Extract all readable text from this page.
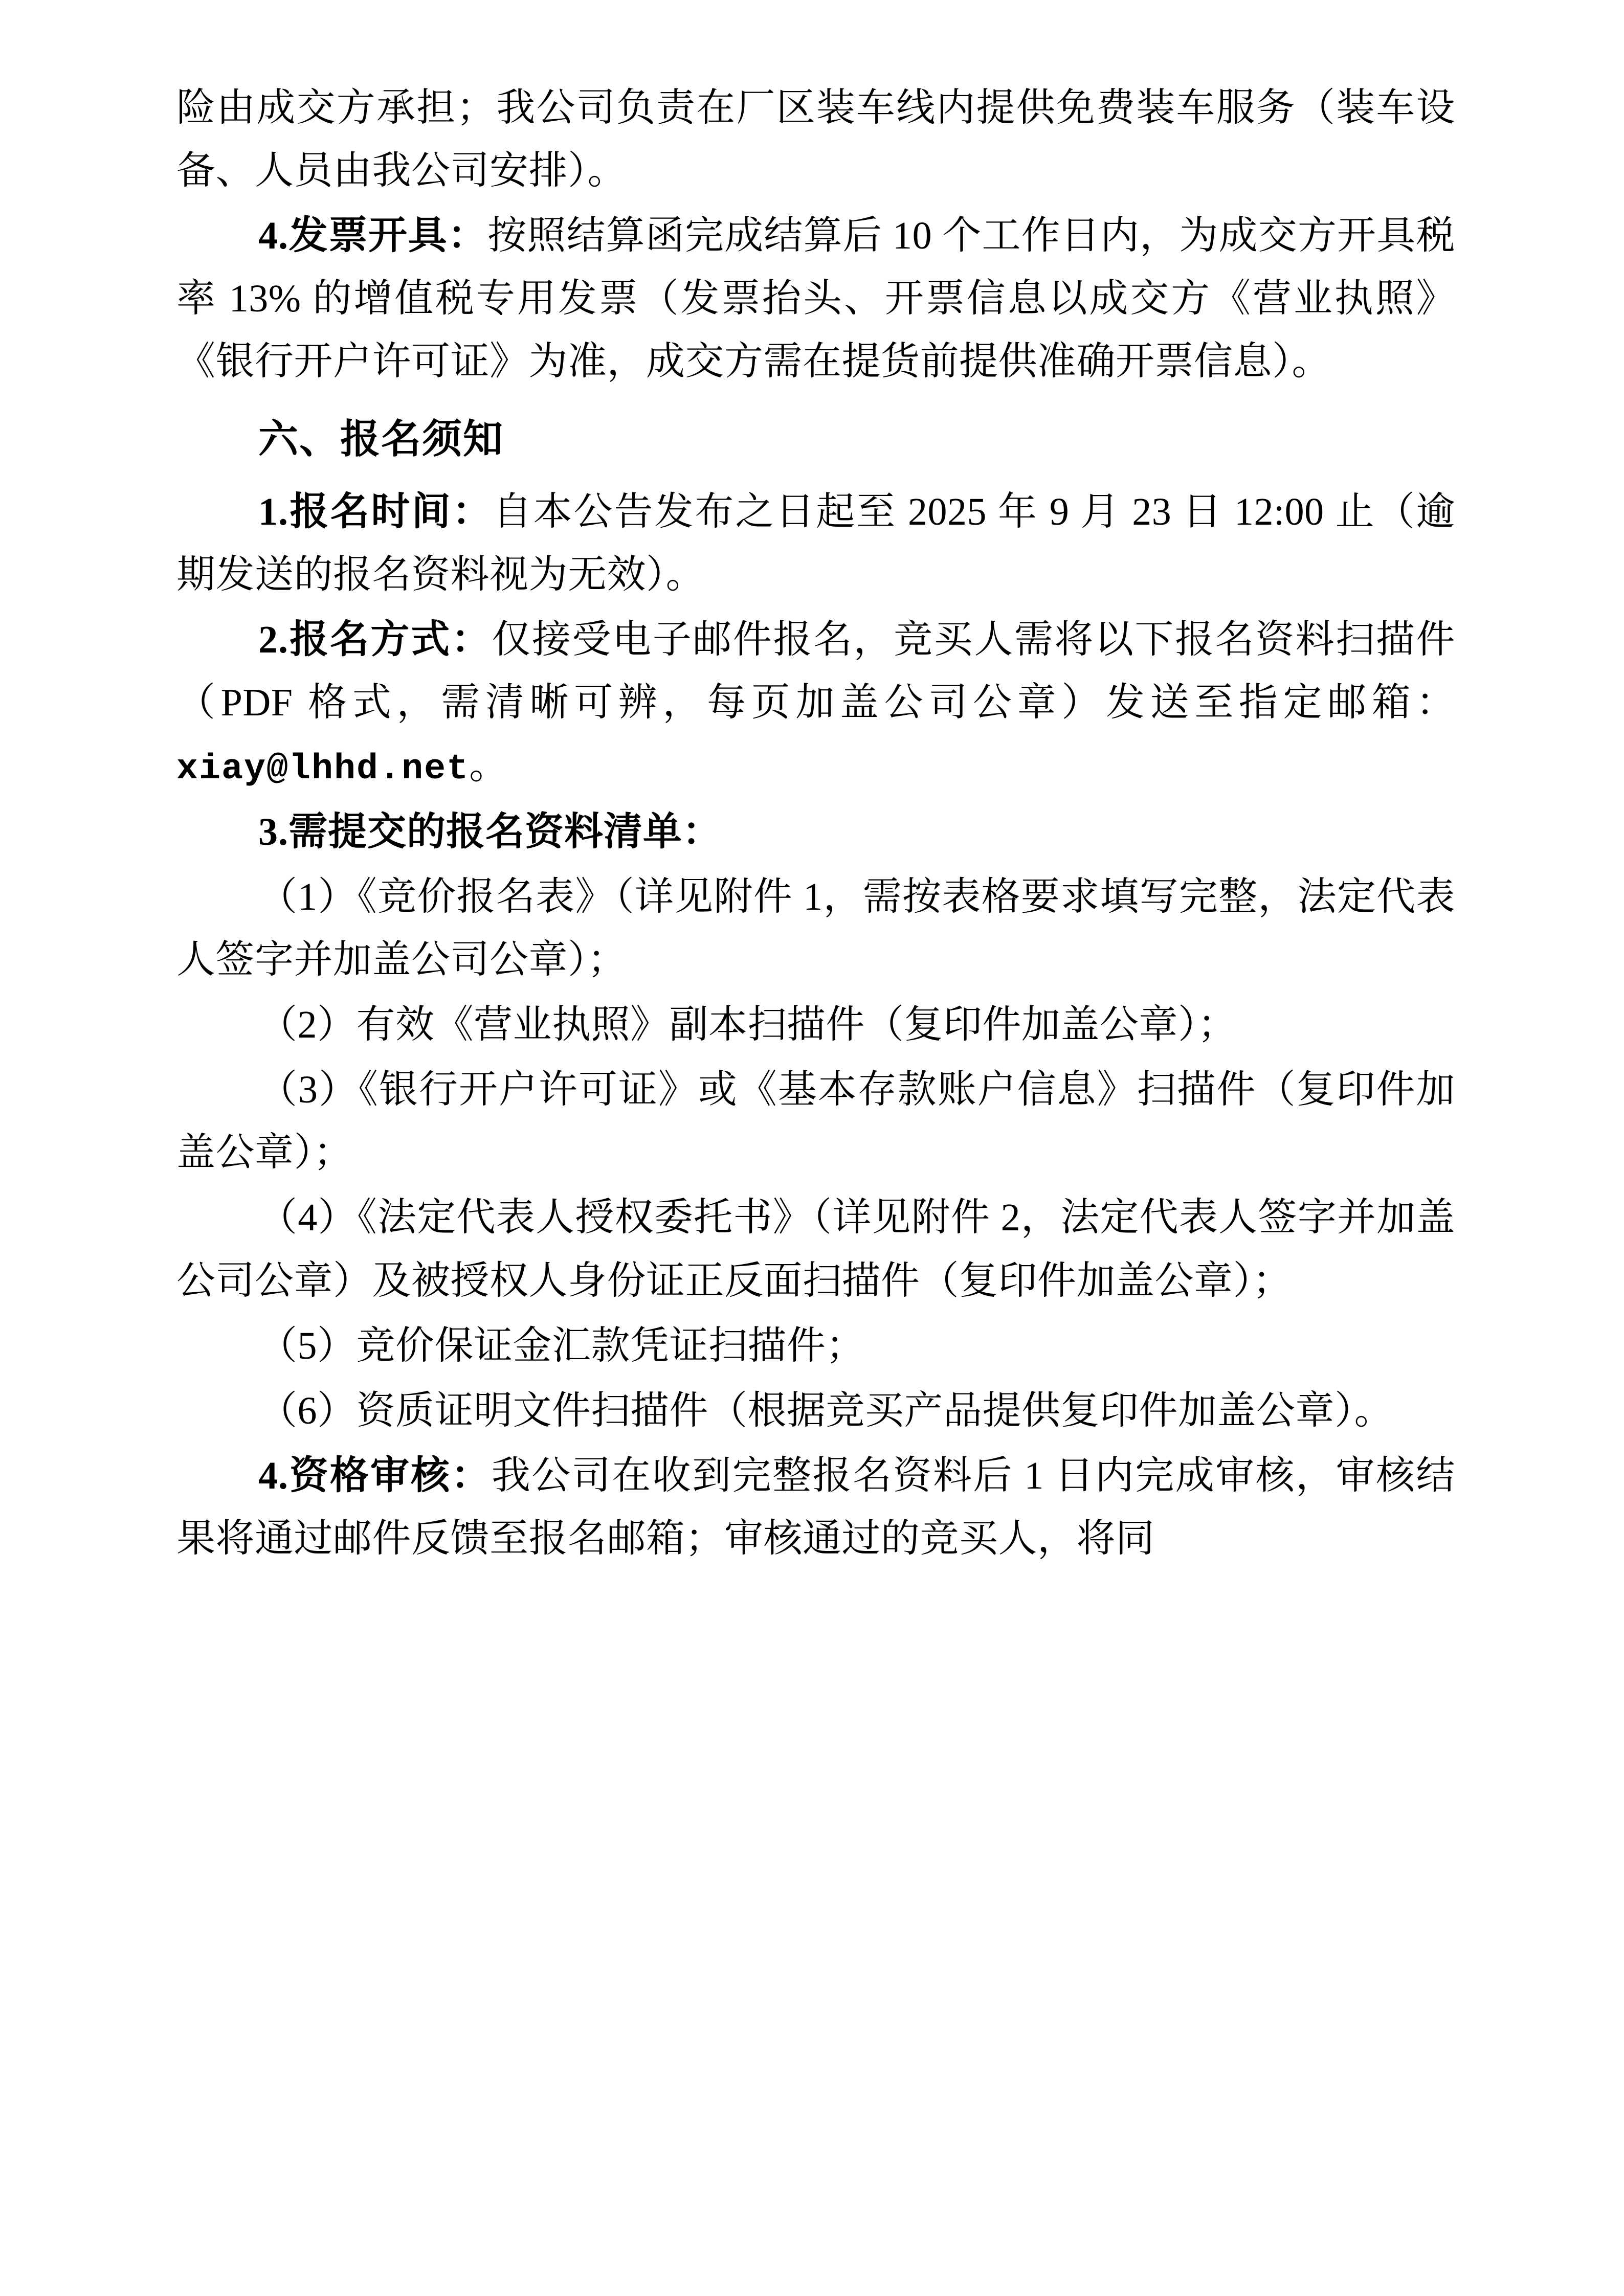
险由成交方承担；我公司负责在厂区装车线内提供免费装车服务（装车设备、人员由我公司安排）。

4.发票开具：按照结算函完成结算后 10 个工作日内，为成交方开具税率 13% 的增值税专用发票（发票抬头、开票信息以成交方《营业执照》《银行开户许可证》为准，成交方需在提货前提供准确开票信息）。

六、报名须知

1.报名时间：自本公告发布之日起至 2025 年 9 月 23 日 12:00 止（逾期发送的报名资料视为无效）。

2.报名方式：仅接受电子邮件报名，竞买人需将以下报名资料扫描件（PDF 格式，需清晰可辨，每页加盖公司公章）发送至指定邮箱：xiay@lhhd.net。

3.需提交的报名资料清单：

（1）《竞价报名表》（详见附件 1，需按表格要求填写完整，法定代表人签字并加盖公司公章）；

（2）有效《营业执照》副本扫描件（复印件加盖公章）；

（3）《银行开户许可证》或《基本存款账户信息》扫描件（复印件加盖公章）；

（4）《法定代表人授权委托书》（详见附件 2，法定代表人签字并加盖公司公章）及被授权人身份证正反面扫描件（复印件加盖公章）；

（5）竞价保证金汇款凭证扫描件；

（6）资质证明文件扫描件（根据竞买产品提供复印件加盖公章）。

4.资格审核：我公司在收到完整报名资料后 1 日内完成审核，审核结果将通过邮件反馈至报名邮箱；审核通过的竞买人，将同
